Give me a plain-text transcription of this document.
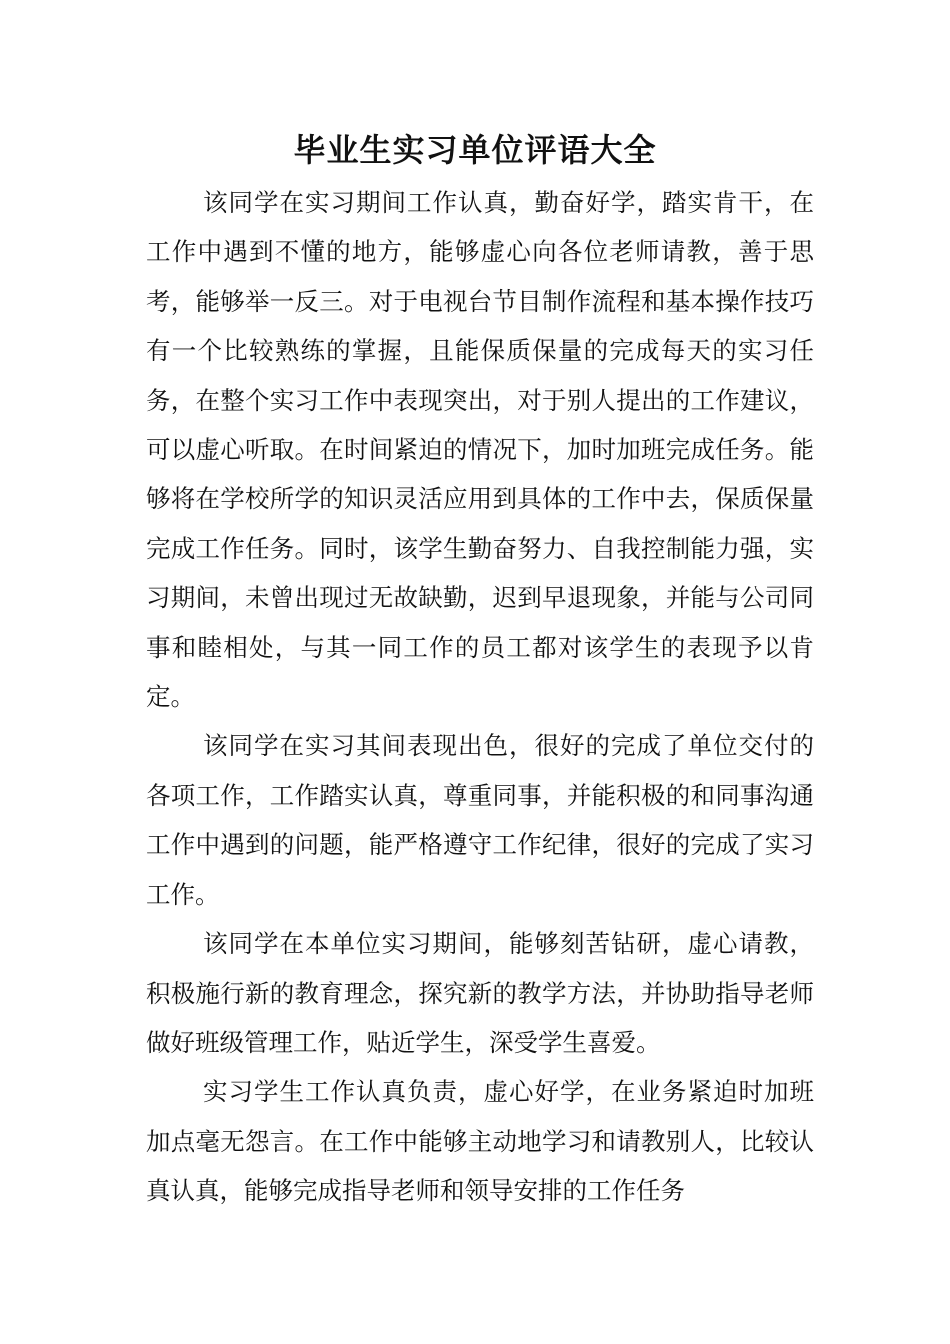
毕业生实习单位评语大全

该同学在实习期间工作认真，勤奋好学，踏实肯干，在工作中遇到不懂的地方，能够虚心向各位老师请教，善于思考，能够举一反三。对于电视台节目制作流程和基本操作技巧有一个比较熟练的掌握，且能保质保量的完成每天的实习任务，在整个实习工作中表现突出，对于别人提出的工作建议，可以虚心听取。在时间紧迫的情况下，加时加班完成任务。能够将在学校所学的知识灵活应用到具体的工作中去，保质保量完成工作任务。同时，该学生勤奋努力、自我控制能力强，实习期间，未曾出现过无故缺勤，迟到早退现象，并能与公司同事和睦相处，与其一同工作的员工都对该学生的表现予以肯定。

该同学在实习其间表现出色，很好的完成了单位交付的各项工作，工作踏实认真，尊重同事，并能积极的和同事沟通工作中遇到的问题，能严格遵守工作纪律，很好的完成了实习工作。

该同学在本单位实习期间，能够刻苦钻研，虚心请教，积极施行新的教育理念，探究新的教学方法，并协助指导老师做好班级管理工作，贴近学生，深受学生喜爱。

实习学生工作认真负责，虚心好学，在业务紧迫时加班加点毫无怨言。在工作中能够主动地学习和请教别人，比较认真认真，能够完成指导老师和领导安排的工作任务
